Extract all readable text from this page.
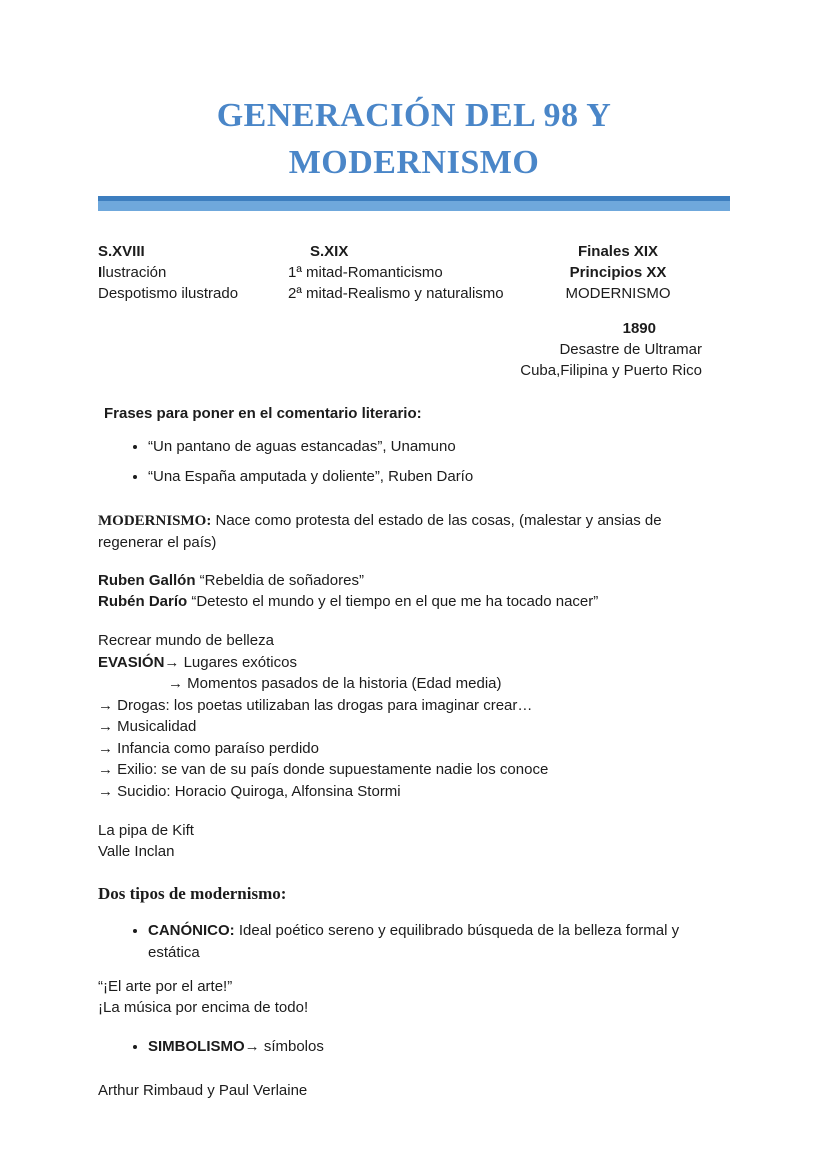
GENERACIÓN DEL 98 Y
MODERNISMO
S.XVIII
Ilustración
Despotismo ilustrado
S.XIX
1ª mitad-Romanticismo
2ª mitad-Realismo y naturalismo
Finales XIX
Principios XX
MODERNISMO
1890
Desastre de Ultramar
Cuba,Filipina y Puerto Rico
Frases para poner en el comentario literario:
• “Un pantano de aguas estancadas”, Unamuno
• “Una España amputada y doliente”, Ruben Darío

MODERNISMO: Nace como protesta del estado de las cosas, (malestar y ansias de regenerar el país)

Ruben Gallón “Rebeldia de soñadores”
Rubén Darío “Detesto el mundo y el tiempo en el que me ha tocado nacer”
Recrear mundo de belleza
EVASIÓN→ Lugares exóticos
→ Momentos pasados de la historia (Edad media)
→ Drogas: los poetas utilizaban las drogas para imaginar crear…
→ Musicalidad
→ Infancia como paraíso perdido
→ Exilio: se van de su país donde supuestamente nadie los conoce
→ Sucidio: Horacio Quiroga, Alfonsina Stormi
La pipa de Kift
Valle Inclan
Dos tipos de modernismo:
• CANÓNICO: Ideal poético sereno y equilibrado búsqueda de la belleza formal y estática
“¡El arte por el arte!”
¡La música por encima de todo!
• SIMBOLISMO→ símbolos
Arthur Rimbaud y Paul Verlaine
